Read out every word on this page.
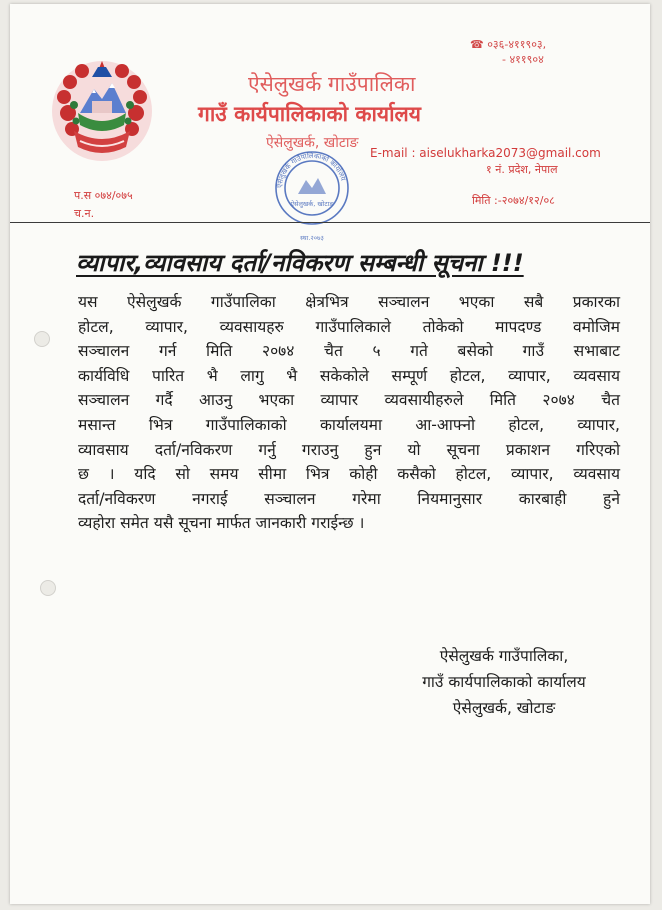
ऐसेलुखर्क गाउँपालिका
गाउँ कार्यपालिकाको कार्यालय
ऐसेलुखर्क, खोटाङ
☎ ०३६-४११९०३,
- ४११९०४
E-mail : aiselukharka2073@gmail.com
१ नं. प्रदेश, नेपाल
प.स ०७४/०७५
च.न.
मिति :-२०७४/१२/०८
ऐसेलुखर्क गाउँपालिकाको कार्यालय
ऐसेलुखर्क, खोटाङ
स्था.२०७३
व्यापार,व्यावसाय दर्ता/नविकरण सम्बन्धी सूचना !!!
यस ऐसेलुखर्क गाउँपालिका क्षेत्रभित्र सञ्चालन भएका सबै प्रकारका
होटल, व्यापार, व्यवसायहरु गाउँपालिकाले तोकेको मापदण्ड वमोजिम
सञ्चालन गर्न मिति २०७४ चैत ५ गते बसेको गाउँ सभाबाट
कार्यविधि पारित भै लागु भै सकेकोले सम्पूर्ण होटल, व्यापार, व्यवसाय
सञ्चालन गर्दै आउनु भएका व्यापार व्यवसायीहरुले मिति २०७४ चैत
मसान्त भित्र गाउँपालिकाको कार्यालयमा आ-आफ्नो होटल, व्यापार,
व्यावसाय दर्ता/नविकरण गर्नु गराउनु हुन यो सूचना प्रकाशन गरिएको
छ । यदि सो समय सीमा भित्र कोही कसैको होटल, व्यापार, व्यवसाय
दर्ता/नविकरण नगराई सञ्चालन गरेमा नियमानुसार कारबाही हुने
व्यहोरा समेत यसै सूचना मार्फत जानकारी गराईन्छ ।
ऐसेलुखर्क गाउँपालिका,
गाउँ कार्यपालिकाको कार्यालय
ऐसेलुखर्क, खोटाङ
